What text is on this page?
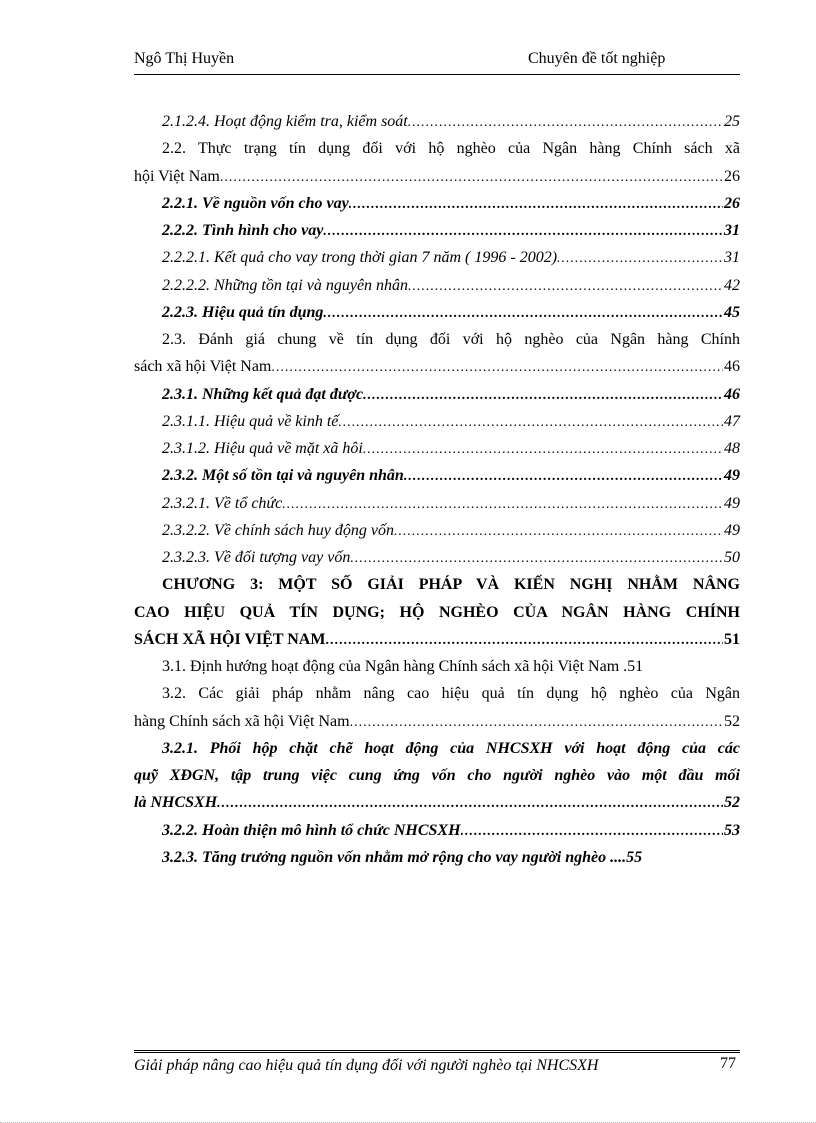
Ngô Thị Huyền	Chuyên đề tốt nghiệp
2.1.2.4. Hoạt động kiểm tra, kiểm soát .....	25
2.2. Thực trạng tín dụng đối với hộ nghèo của Ngân hàng Chính sách xã
hội Việt Nam .....	26
2.2.1. Về nguồn vốn cho vay .....	26
2.2.2. Tình hình cho vay .....	31
2.2.2.1. Kết quả cho vay trong thời gian 7 năm ( 1996 - 2002) .....	31
2.2.2.2. Những tồn tại và nguyên nhân .....	42
2.2.3. Hiệu quả tín dụng .....	45
2.3. Đánh giá chung về tín dụng đối với hộ nghèo của Ngân hàng Chính
sách xã hội Việt Nam .....	46
2.3.1. Những kết quả đạt được .....	46
2.3.1.1. Hiệu quả về kinh tế .....	47
2.3.1.2. Hiệu quả về mặt xã hôi .....	48
2.3.2. Một số tồn tại và nguyên nhân .....	49
2.3.2.1. Về tổ chức .....	49
2.3.2.2. Về chính sách huy động vốn .....	49
2.3.2.3. Về đối tượng vay vốn .....	50
CHƯƠNG 3: MỘT SỐ GIẢI PHÁP VÀ KIẾN NGHỊ NHẰM NÂNG
CAO HIỆU QUẢ TÍN DỤNG; HỘ NGHÈO CỦA NGÂN HÀNG CHÍNH
SÁCH XÃ HỘI VIỆT NAM .....	51
3.1. Định hướng hoạt động của Ngân hàng Chính sách xã hội Việt Nam .51
3.2. Các giải pháp nhằm nâng cao hiệu quả tín dụng hộ nghèo của Ngân
hàng Chính sách xã hội Việt Nam .....	52
3.2.1. Phối hộp chặt chẽ hoạt động của NHCSXH với hoạt động của các
quỹ XĐGN, tập trung việc cung ứng vốn cho người nghèo vào một đầu mối
là NHCSXH .....	52
3.2.2. Hoàn thiện mô hình tổ chức NHCSXH .....	53
3.2.3. Tăng trưởng nguồn vốn nhằm mở rộng cho vay người nghèo ....55
Giải pháp nâng cao hiệu quả tín dụng đối với người nghèo tại NHCSXH	77
